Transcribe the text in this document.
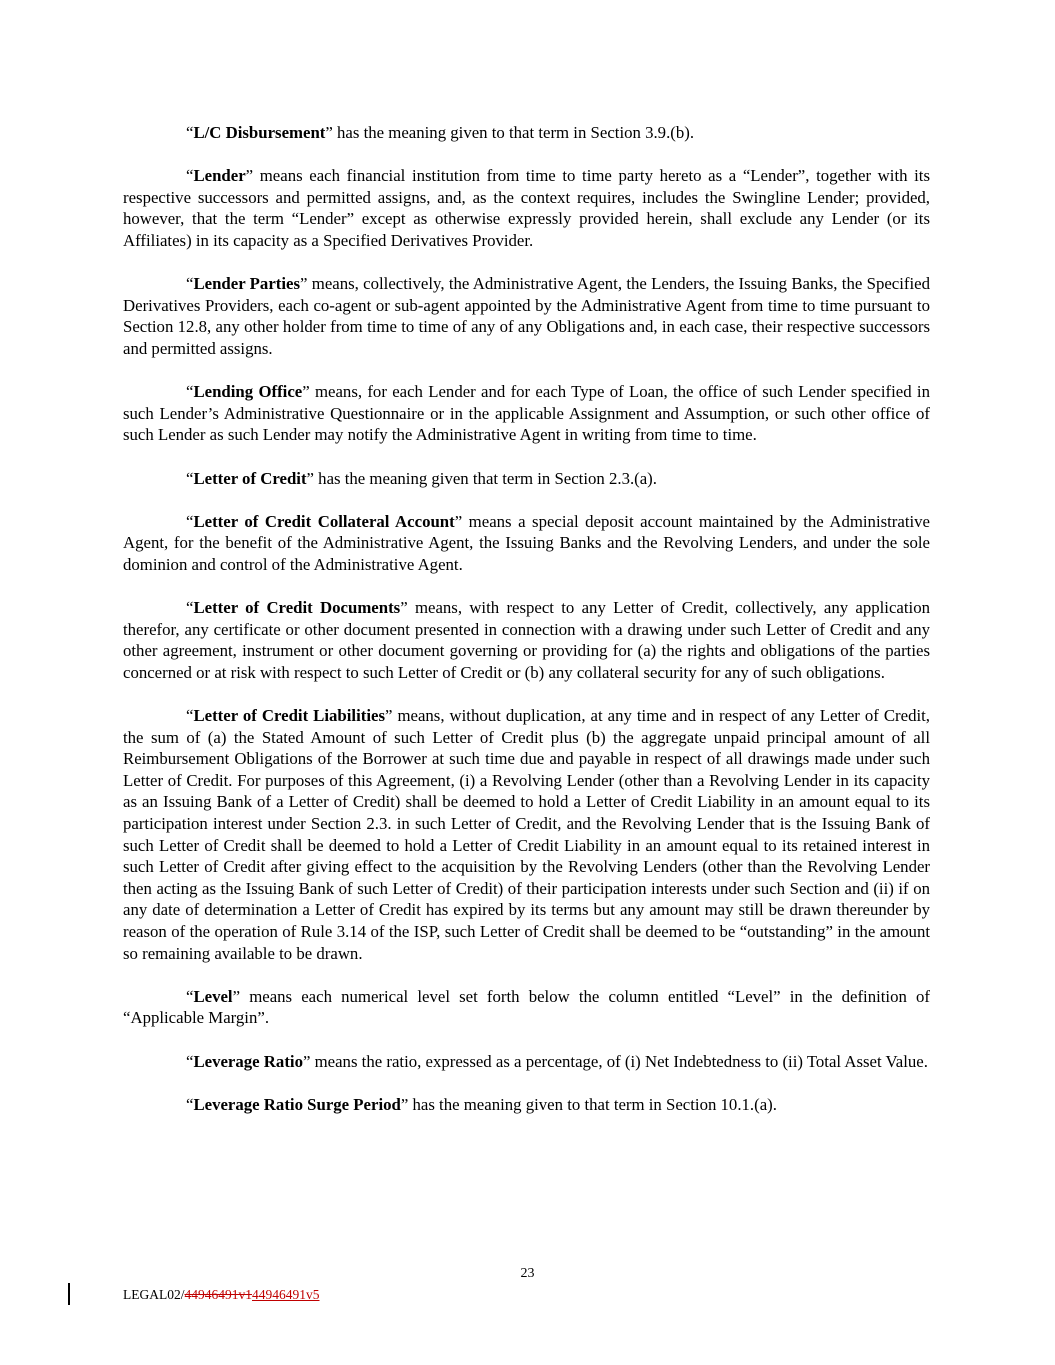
“L/C Disbursement” has the meaning given to that term in Section 3.9.(b).

“Lender” means each financial institution from time to time party hereto as a “Lender”, together with its respective successors and permitted assigns, and, as the context requires, includes the Swingline Lender; provided, however, that the term “Lender” except as otherwise expressly provided herein, shall exclude any Lender (or its Affiliates) in its capacity as a Specified Derivatives Provider.

“Lender Parties” means, collectively, the Administrative Agent, the Lenders, the Issuing Banks, the Specified Derivatives Providers, each co-agent or sub-agent appointed by the Administrative Agent from time to time pursuant to Section 12.8, any other holder from time to time of any of any Obligations and, in each case, their respective successors and permitted assigns.

“Lending Office” means, for each Lender and for each Type of Loan, the office of such Lender specified in such Lender’s Administrative Questionnaire or in the applicable Assignment and Assumption, or such other office of such Lender as such Lender may notify the Administrative Agent in writing from time to time.

“Letter of Credit” has the meaning given that term in Section 2.3.(a).

“Letter of Credit Collateral Account” means a special deposit account maintained by the Administrative Agent, for the benefit of the Administrative Agent, the Issuing Banks and the Revolving Lenders, and under the sole dominion and control of the Administrative Agent.

“Letter of Credit Documents” means, with respect to any Letter of Credit, collectively, any application therefor, any certificate or other document presented in connection with a drawing under such Letter of Credit and any other agreement, instrument or other document governing or providing for (a) the rights and obligations of the parties concerned or at risk with respect to such Letter of Credit or (b) any collateral security for any of such obligations.

“Letter of Credit Liabilities” means, without duplication, at any time and in respect of any Letter of Credit, the sum of (a) the Stated Amount of such Letter of Credit plus (b) the aggregate unpaid principal amount of all Reimbursement Obligations of the Borrower at such time due and payable in respect of all drawings made under such Letter of Credit. For purposes of this Agreement, (i) a Revolving Lender (other than a Revolving Lender in its capacity as an Issuing Bank of a Letter of Credit) shall be deemed to hold a Letter of Credit Liability in an amount equal to its participation interest under Section 2.3. in such Letter of Credit, and the Revolving Lender that is the Issuing Bank of such Letter of Credit shall be deemed to hold a Letter of Credit Liability in an amount equal to its retained interest in such Letter of Credit after giving effect to the acquisition by the Revolving Lenders (other than the Revolving Lender then acting as the Issuing Bank of such Letter of Credit) of their participation interests under such Section and (ii) if on any date of determination a Letter of Credit has expired by its terms but any amount may still be drawn thereunder by reason of the operation of Rule 3.14 of the ISP, such Letter of Credit shall be deemed to be “outstanding” in the amount so remaining available to be drawn.

“Level” means each numerical level set forth below the column entitled “Level” in the definition of “Applicable Margin”.

“Leverage Ratio” means the ratio, expressed as a percentage, of (i) Net Indebtedness to (ii) Total Asset Value.

“Leverage Ratio Surge Period” has the meaning given to that term in Section 10.1.(a).

23
LEGAL02/44946491v144946491v5
